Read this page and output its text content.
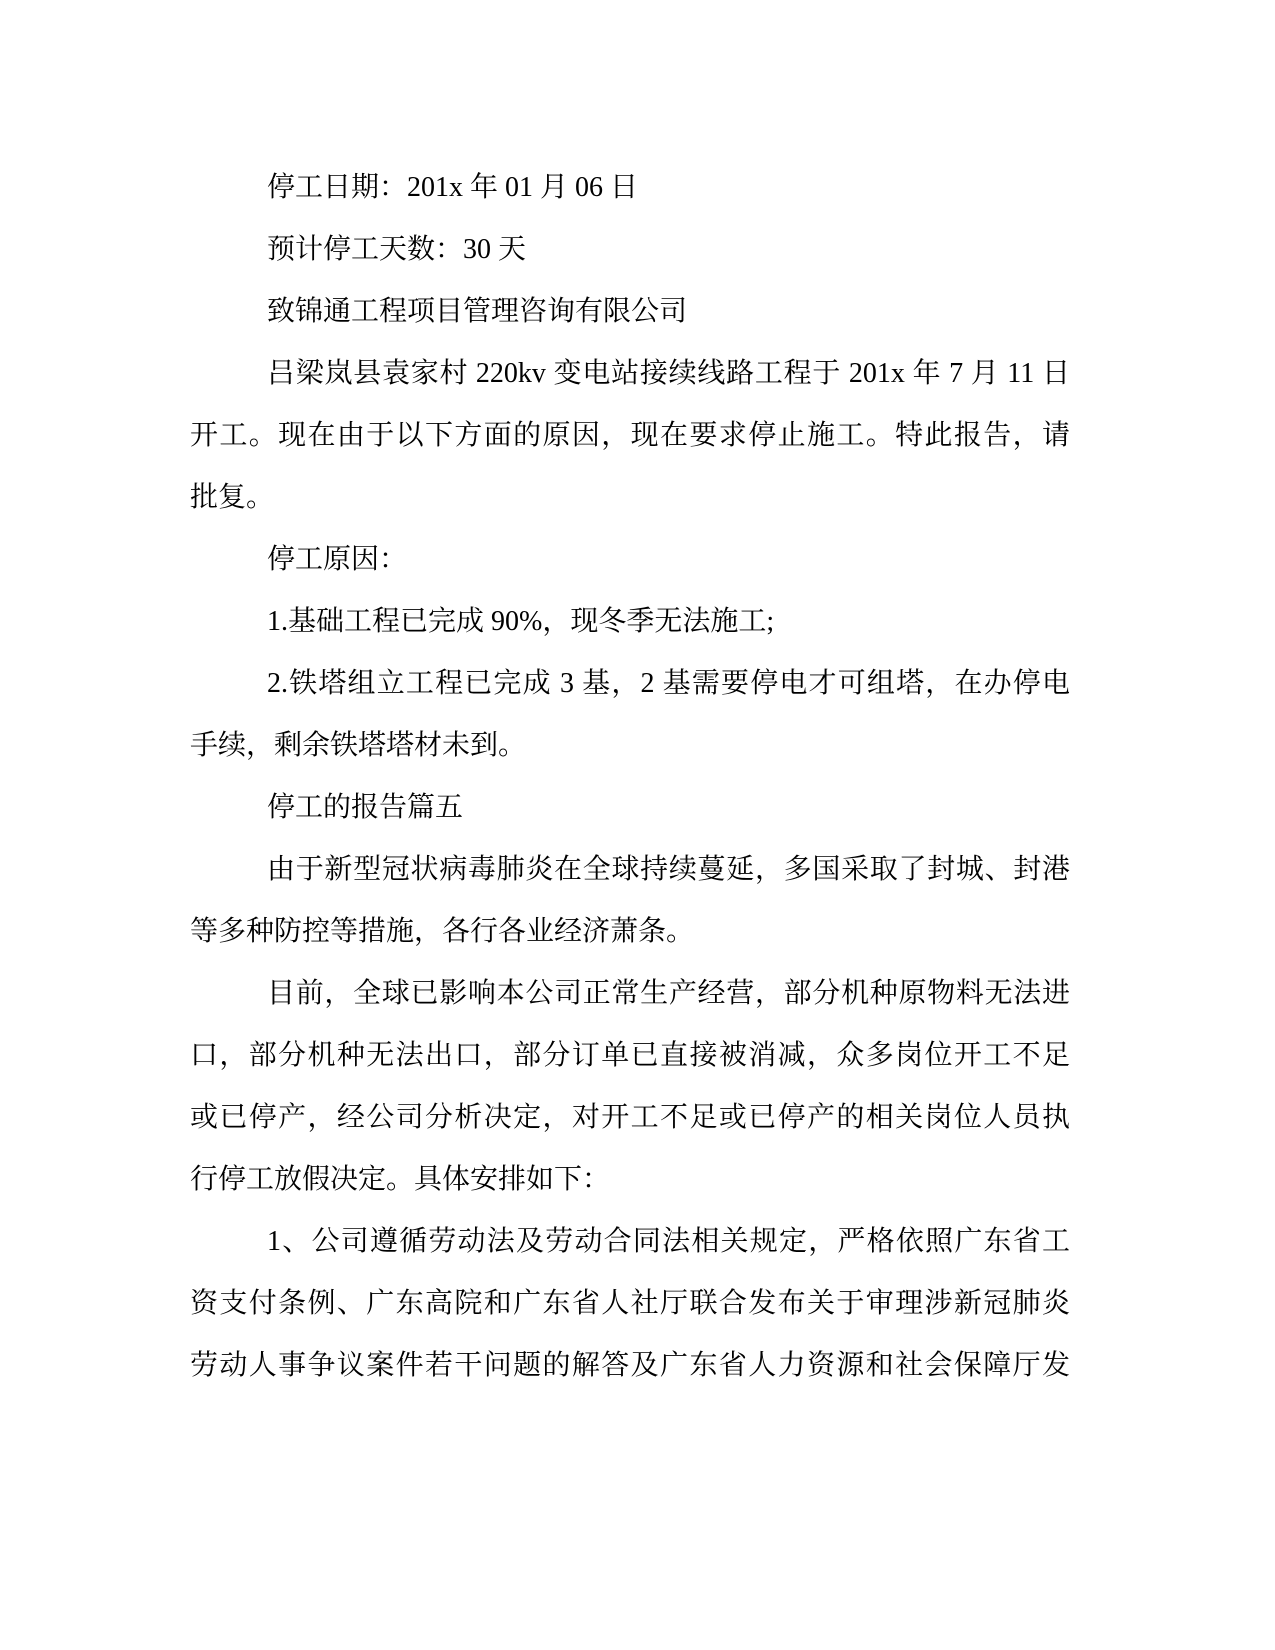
停工日期：201x 年 01 月 06 日
预计停工天数：30 天
致锦通工程项目管理咨询有限公司
吕梁岚县袁家村 220kv 变电站接续线路工程于 201x 年 7 月 11 日
开工。现在由于以下方面的原因，现在要求停止施工。特此报告，请
批复。
停工原因：
1.基础工程已完成 90%，现冬季无法施工;
2.铁塔组立工程已完成 3 基，2 基需要停电才可组塔，在办停电
手续，剩余铁塔塔材未到。
停工的报告篇五
由于新型冠状病毒肺炎在全球持续蔓延，多国采取了封城、封港
等多种防控等措施，各行各业经济萧条。
目前，全球已影响本公司正常生产经营，部分机种原物料无法进
口，部分机种无法出口，部分订单已直接被消减，众多岗位开工不足
或已停产，经公司分析决定，对开工不足或已停产的相关岗位人员执
行停工放假决定。具体安排如下：
1、公司遵循劳动法及劳动合同法相关规定，严格依照广东省工
资支付条例、广东高院和广东省人社厅联合发布关于审理涉新冠肺炎
劳动人事争议案件若干问题的解答及广东省人力资源和社会保障厅发
